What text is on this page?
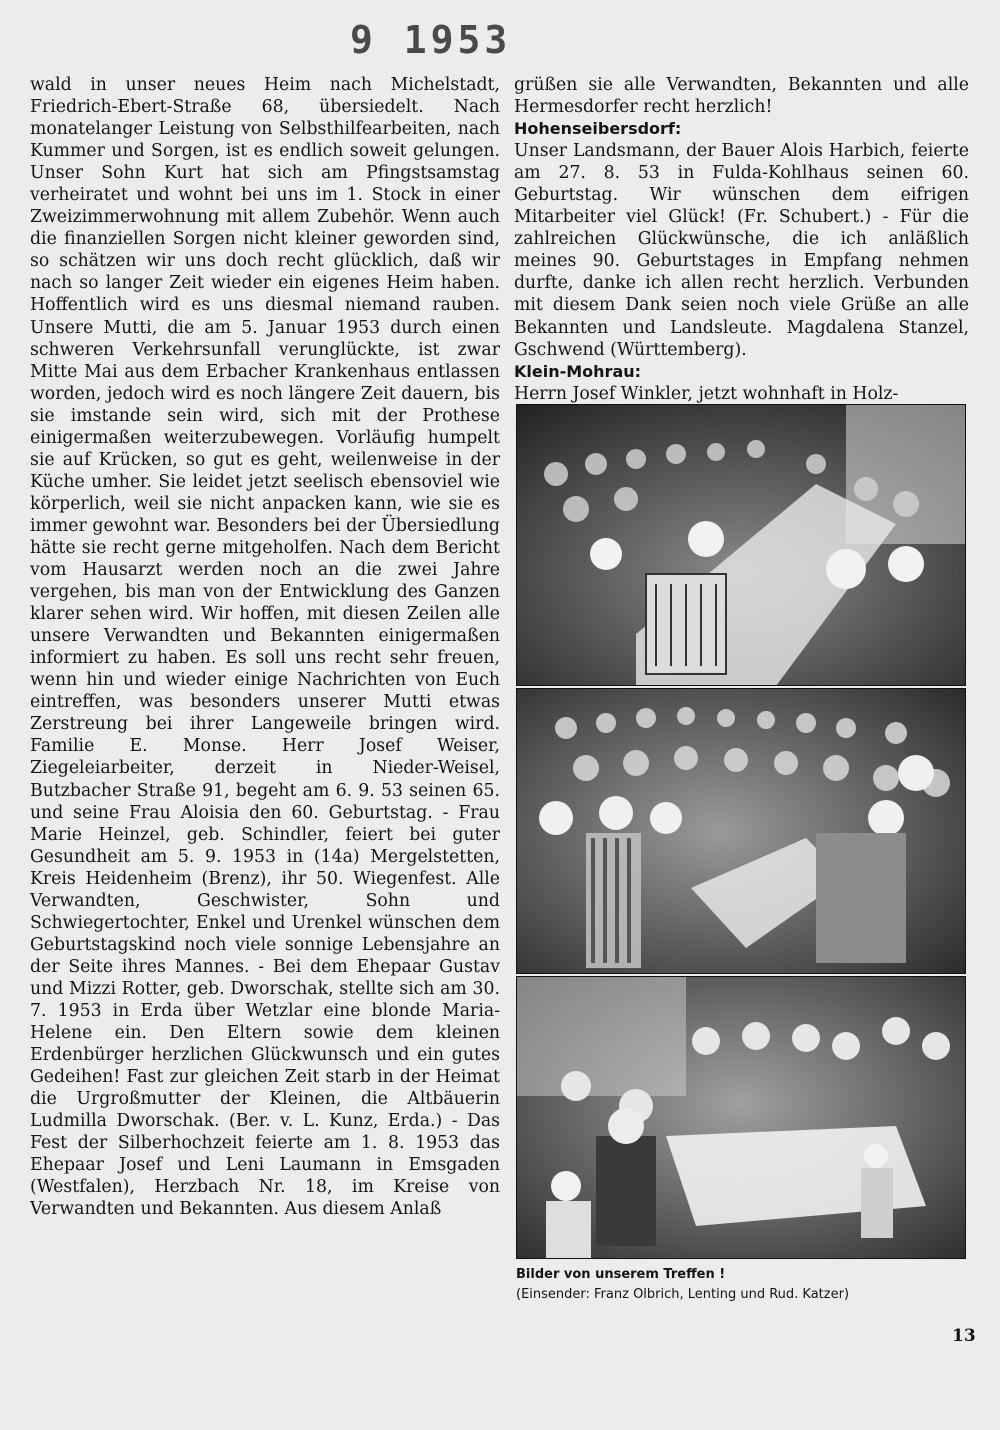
9 1953

wald in unser neues Heim nach Michelstadt, Friedrich-Ebert-Straße 68, übersiedelt. Nach monatelanger Leistung von Selbsthilfearbeiten, nach Kummer und Sorgen, ist es endlich soweit gelungen. Unser Sohn Kurt hat sich am Pfingstsamstag verheiratet und wohnt bei uns im 1. Stock in einer Zweizimmerwohnung mit allem Zubehör. Wenn auch die finanziellen Sorgen nicht kleiner geworden sind, so schätzen wir uns doch recht glücklich, daß wir nach so langer Zeit wieder ein eigenes Heim haben. Hoffentlich wird es uns diesmal niemand rauben. Unsere Mutti, die am 5. Januar 1953 durch einen schweren Verkehrsunfall verunglückte, ist zwar Mitte Mai aus dem Erbacher Krankenhaus entlassen worden, jedoch wird es noch längere Zeit dauern, bis sie imstande sein wird, sich mit der Prothese einigermaßen weiterzubewegen. Vorläufig humpelt sie auf Krücken, so gut es geht, weilenweise in der Küche umher. Sie leidet jetzt seelisch ebensoviel wie körperlich, weil sie nicht anpacken kann, wie sie es immer gewohnt war. Besonders bei der Übersiedlung hätte sie recht gerne mitgeholfen. Nach dem Bericht vom Hausarzt werden noch an die zwei Jahre vergehen, bis man von der Entwicklung des Ganzen klarer sehen wird. Wir hoffen, mit diesen Zeilen alle unsere Verwandten und Bekannten einigermaßen informiert zu haben. Es soll uns recht sehr freuen, wenn hin und wieder einige Nachrichten von Euch eintreffen, was besonders unserer Mutti etwas Zerstreung bei ihrer Langeweile bringen wird. Familie E. Monse. Herr Josef Weiser, Ziegeleiarbeiter, derzeit in Nieder-Weisel, Butzbacher Straße 91, begeht am 6. 9. 53 seinen 65. und seine Frau Aloisia den 60. Geburtstag. - Frau Marie Heinzel, geb. Schindler, feiert bei guter Gesundheit am 5. 9. 1953 in (14a) Mergelstetten, Kreis Heidenheim (Brenz), ihr 50. Wiegenfest. Alle Verwandten, Geschwister, Sohn und Schwiegertochter, Enkel und Urenkel wünschen dem Geburtstagskind noch viele sonnige Lebensjahre an der Seite ihres Mannes. - Bei dem Ehepaar Gustav und Mizzi Rotter, geb. Dworschak, stellte sich am 30. 7. 1953 in Erda über Wetzlar eine blonde Maria-Helene ein. Den Eltern sowie dem kleinen Erdenbürger herzlichen Glückwunsch und ein gutes Gedeihen! Fast zur gleichen Zeit starb in der Heimat die Urgroßmutter der Kleinen, die Altbäuerin Ludmilla Dworschak. (Ber. v. L. Kunz, Erda.) - Das Fest der Silberhochzeit feierte am 1. 8. 1953 das Ehepaar Josef und Leni Laumann in Emsgaden (Westfalen), Herzbach Nr. 18, im Kreise von Verwandten und Bekannten. Aus diesem Anlaß

grüßen sie alle Verwandten, Bekannten und alle Hermesdorfer recht herzlich!

Hohenseibersdorf:

Unser Landsmann, der Bauer Alois Harbich, feierte am 27. 8. 53 in Fulda-Kohlhaus seinen 60. Geburtstag. Wir wünschen dem eifrigen Mitarbeiter viel Glück! (Fr. Schubert.) - Für die zahlreichen Glückwünsche, die ich anläßlich meines 90. Geburtstages in Empfang nehmen durfte, danke ich allen recht herzlich. Verbunden mit diesem Dank seien noch viele Grüße an alle Bekannten und Landsleute. Magdalena Stanzel, Gschwend (Württemberg).

Klein-Mohrau:

Herrn Josef Winkler, jetzt wohnhaft in Holz-

Bilder von unserem Treffen !
(Einsender: Franz Olbrich, Lenting und Rud. Katzer)
13
